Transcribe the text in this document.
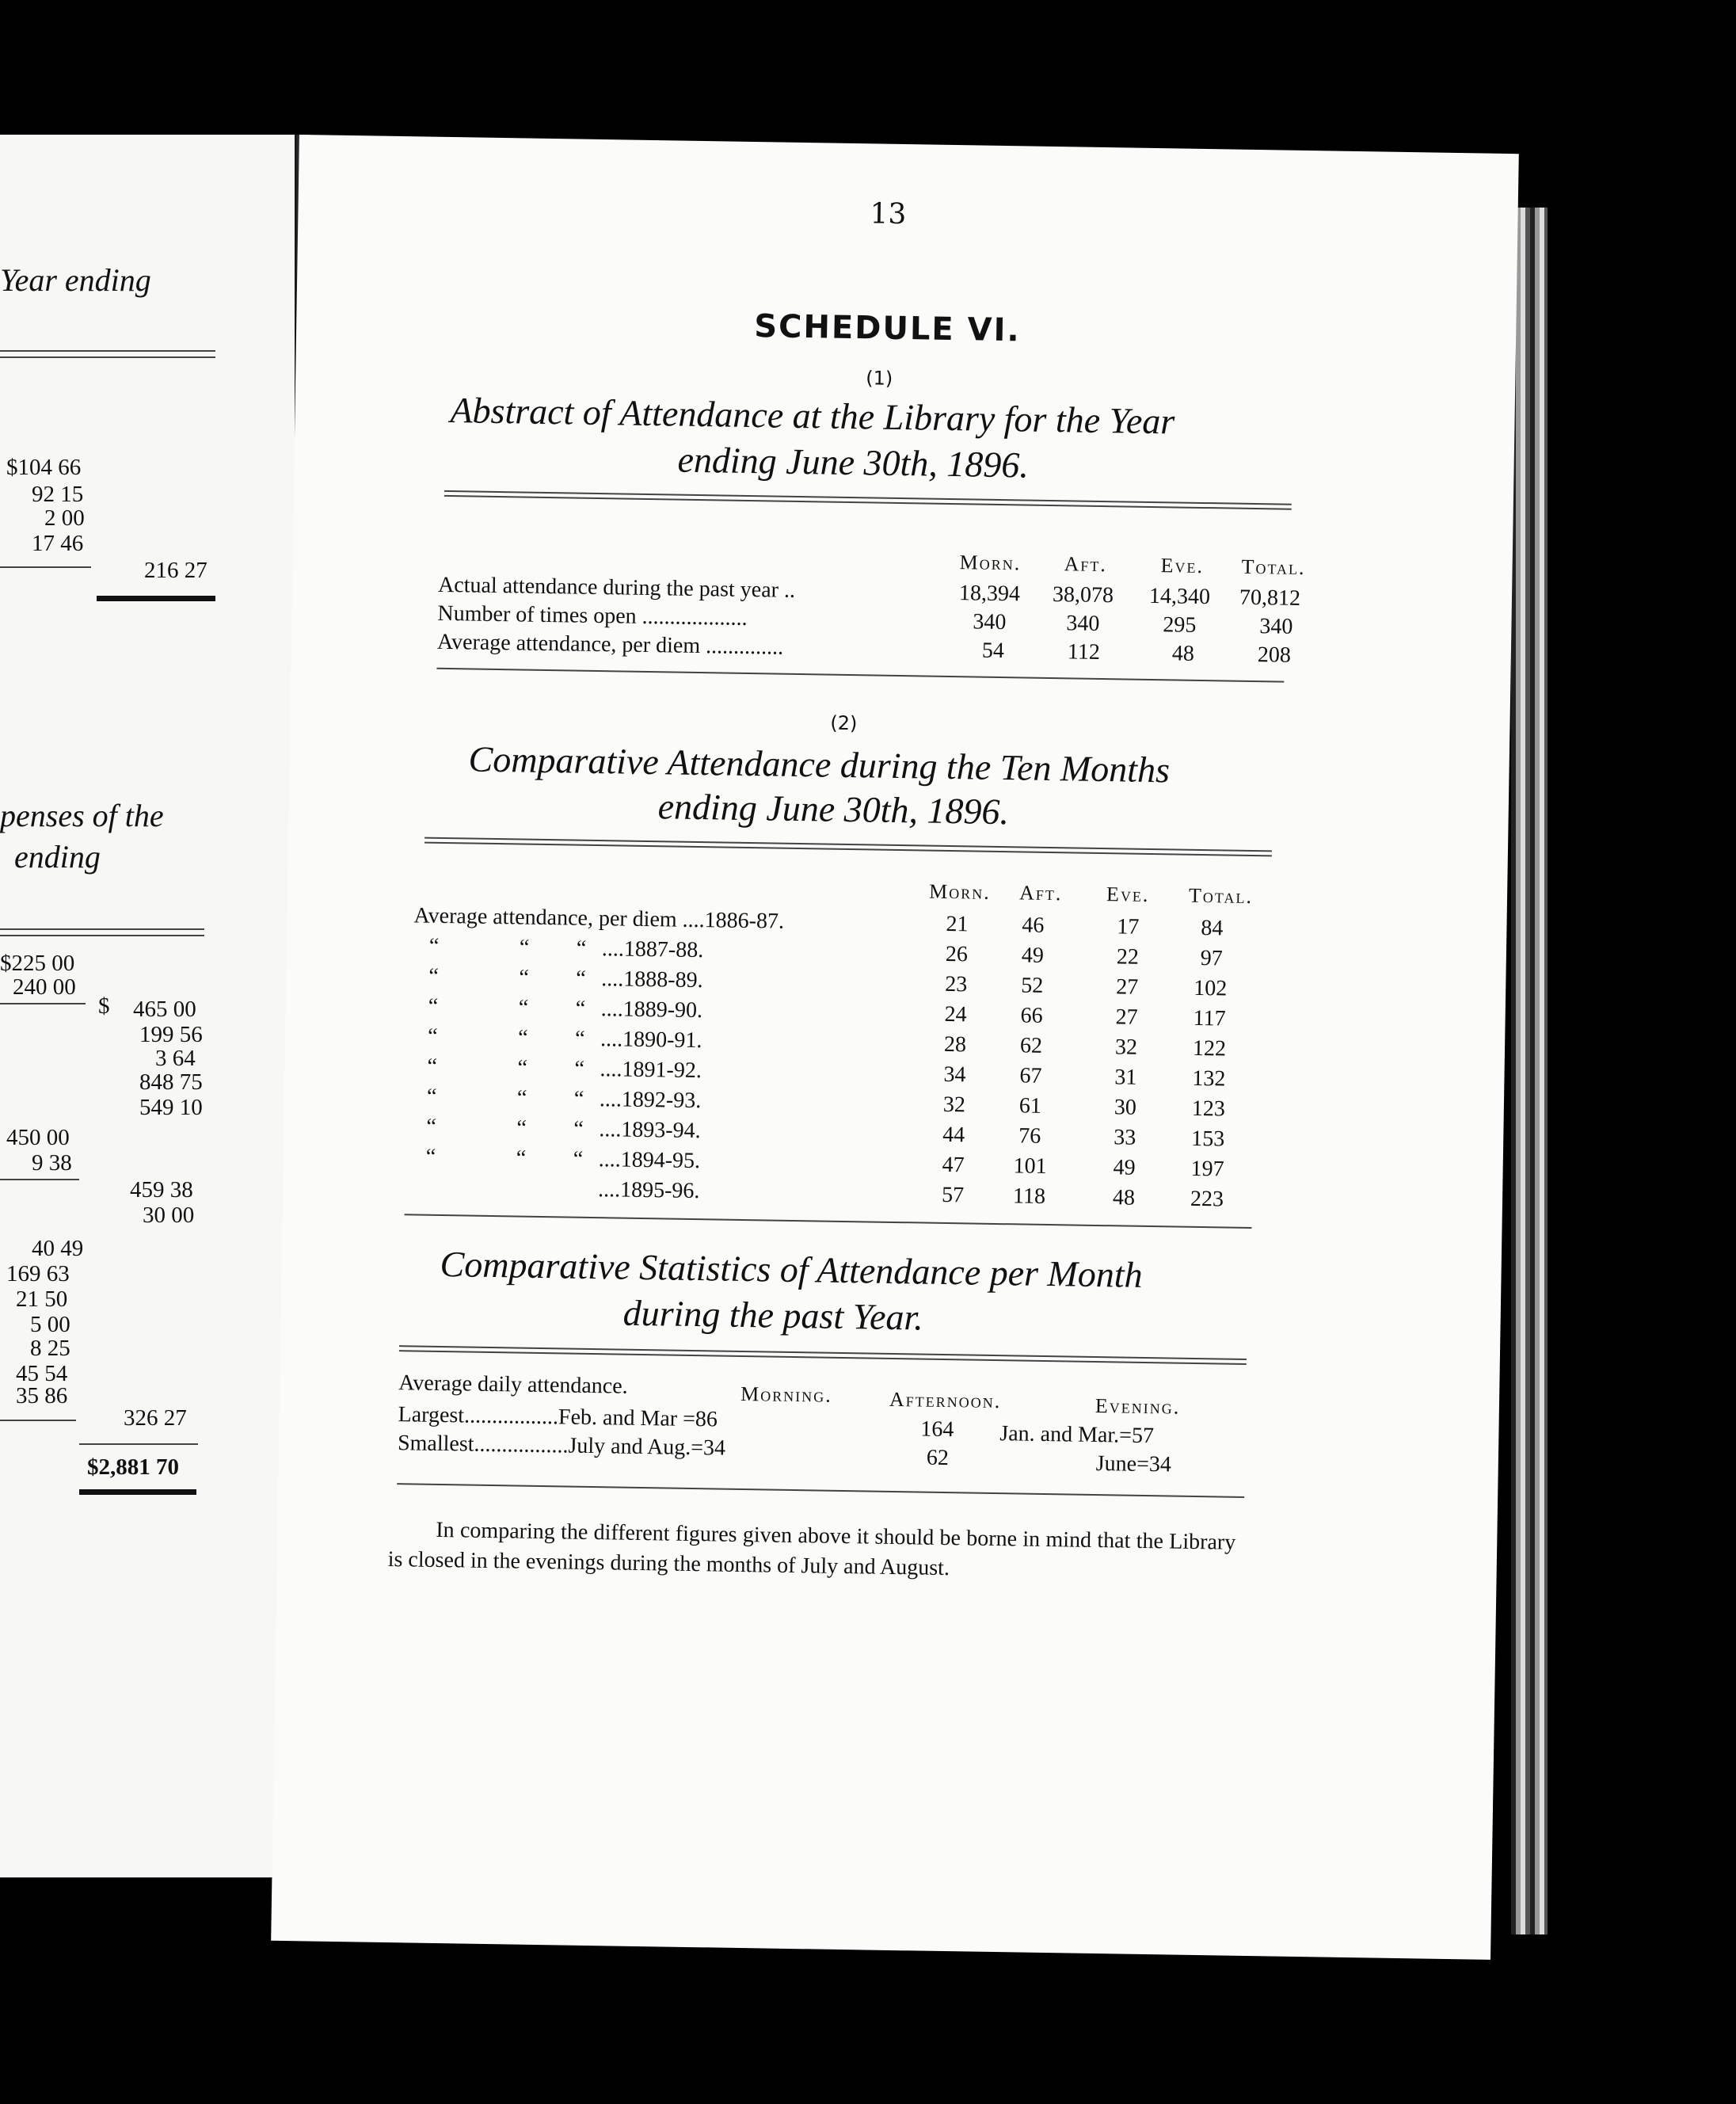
Year ending
$104 66
92 15
2 00
17 46
216 27
penses of the
ending
$225 00
240 00
$ 465 00
199 56
3 64
848 75
549 10
450 00
9 38
459 38
30 00
40 49
169 63
21 50
5 00
8 25
45 54
35 86
326 27
$2,881 70
13
SCHEDULE VI.
(1)
Abstract of Attendance at the Library for the Year
ending June 30th, 1896.
Morn. Aft.	Eve. Total.
Actual attendance during the past year ..	18,394 38,078 14,340 70,812
Number of times open ...................	340	340	295	340
Average attendance, per diem ..............	54	112	48	208
(2)
Comparative Attendance during the Ten Months
ending June 30th, 1896.
Morn. Aft. Eve. Total.
Average attendance, per diem ....1886-87.	21 46	17	84
“	“ “ ....1887-88.	26 49	22	97
“	“ “ ....1888-89.	23 52	27 102
“	“ “ ....1889-90.	24 66	27 117
“	“ “ ....1890-91.	28 62	32 122
“	“ “ ....1891-92.	34 67	31 132
“	“ “ ....1892-93.	32 61	30 123
“	“ “ ....1893-94.	44 76	33 153
“	“ “ ....1894-95.	47 101	49 197
....1895-96.	57 118	48 223
Comparative Statistics of Attendance per Month
during the past Year.
Average daily attendance.	Morning.	Afternoon.	Evening.
Largest.................Feb. and Mar =86	164 Jan. and Mar.=57
Smallest.................July and Aug.=34	62	June=34
In comparing the different figures given above it should be borne in mind that the Library is closed in the evenings during the months of July and August.
